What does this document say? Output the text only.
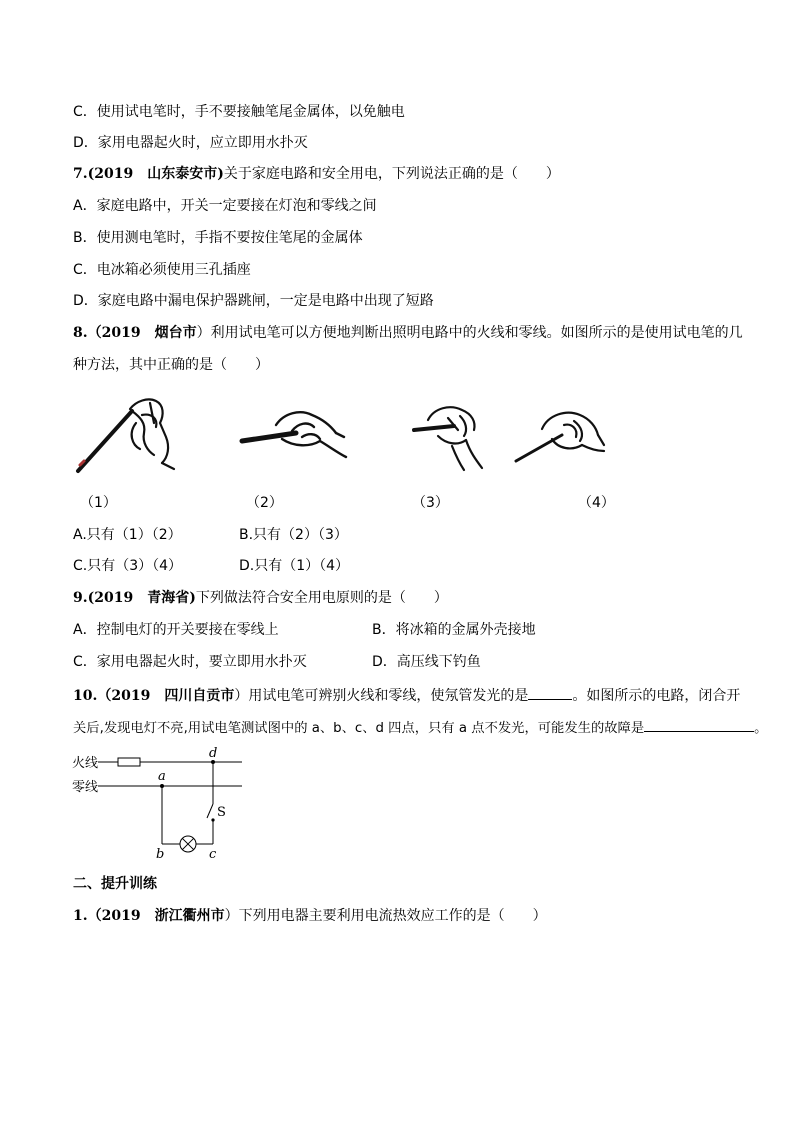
C．使用试电笔时，手不要接触笔尾金属体，以免触电
D．家用电器起火时，应立即用水扑灭
7.(2019　山东泰安市)关于家庭电路和安全用电，下列说法正确的是（　　）
A．家庭电路中，开关一定要接在灯泡和零线之间
B．使用测电笔时，手指不要按住笔尾的金属体
C．电冰箱必须使用三孔插座
D．家庭电路中漏电保护器跳闸，一定是电路中出现了短路
8.（2019　烟台市）利用试电笔可以方便地判断出照明电路中的火线和零线。如图所示的是使用试电笔的几
种方法，其中正确的是（　　）
（1）	（2）	（3）	（4）
A.只有（1）（2）	B.只有（2）（3）
C.只有（3）（4）	D.只有（1）（4）
9.(2019　青海省)下列做法符合安全用电原则的是（　　）
A．控制电灯的开关要接在零线上	B．将冰箱的金属外壳接地
C．家用电器起火时，要立即用水扑灭	D．高压线下钓鱼
10.（2019　四川自贡市）用试电笔可辨别火线和零线，使氖管发光的是	。如图所示的电路，闭合开
关后,发现电灯不亮,用试电笔测试图中的 a、b、c、d 四点，只有 a 点不发光，可能发生的故障是	。
火线
零线
a
d
b	c
S
二、提升训练
1.（2019　浙江衢州市）下列用电器主要利用电流热效应工作的是（　　）
